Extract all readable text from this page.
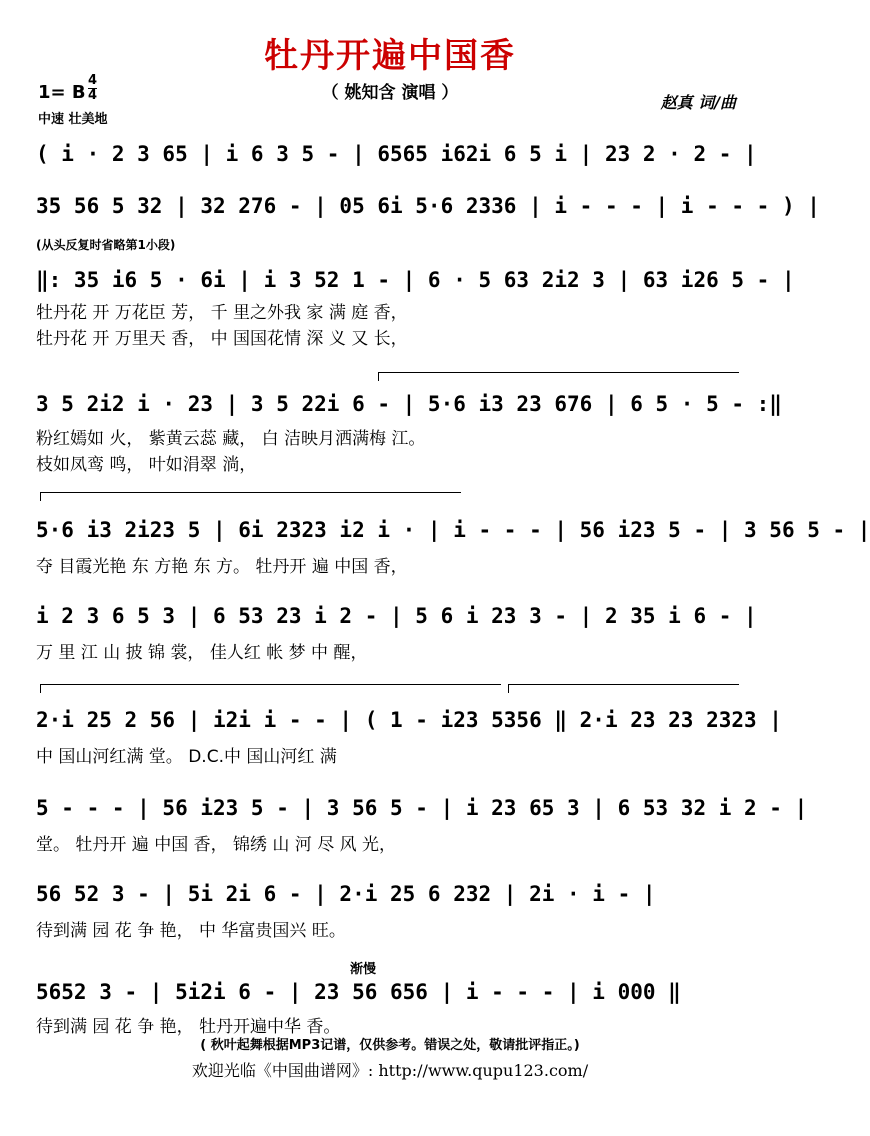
牡丹开遍中国香
（ 姚知含 演唱 ）
1= B $\frac{4}{4}$
中速 壮美地
赵真 词/曲
( i · 2 3 65 | i 6 3 5 - | 6565 i62i 6 5 i | 23 2 · 2 - |
35 56 5 32 | 32 276 - | 05 6i 5·6 2336 | i - - - | i - - - ) |
(从头反复时省略第1小段)
‖: 35 i6 5 · 6i | i 3 52 1 - | 6 · 5 63 2i2 3 | 63 i26 5 - |
牡丹花 开 万花臣 芳， 千 里之外我 家 满 庭 香，
牡丹花 开 万里天 香， 中 国国花情 深 义 又 长，
3 5 2i2 i · 23 | 3 5 22i 6 - | 5·6 i3 23 676 | 6 5 · 5 - :‖
粉红嫣如 火， 紫黄云蕊 藏， 白 洁映月洒满梅 江。
枝如凤鸾 鸣， 叶如涓翠 淌，
5·6 i3 2i23 5 | 6i 2323 i2 i · | i - - - | 56 i23 5 - | 3 56 5 - |
夺 目霞光艳 东 方艳 东 方。 牡丹开 遍 中国 香，
i 2 3 6 5 3 | 6 53 23 i 2 - | 5 6 i 23 3 - | 2 35 i 6 - |
万 里 江 山 披 锦 裳， 佳人红 帐 梦 中 醒，
2·i 25 2 56 | i2i i - - | ( 1 - i23 5356 ‖ 2·i 23 23 2323 |
中 国山河红满 堂。 D.C.中 国山河红 满
5 - - - | 56 i23 5 - | 3 56 5 - | i 23 65 3 | 6 53 32 i 2 - |
堂。 牡丹开 遍 中国 香， 锦绣 山 河 尽 风 光，
56 52 3 - | 5i 2i 6 - | 2·i 25 6 232 | 2i · i - |
待到满 园 花 争 艳， 中 华富贵国兴 旺。
渐慢
5652 3 - | 5i2i 6 - | 23 56 656 | i - - - | i 000 ‖
待到满 园 花 争 艳， 牡丹开遍中华 香。
( 秋叶起舞根据MP3记谱，仅供参考。错误之处，敬请批评指正。)
欢迎光临《中国曲谱网》: http://www.qupu123.com/
